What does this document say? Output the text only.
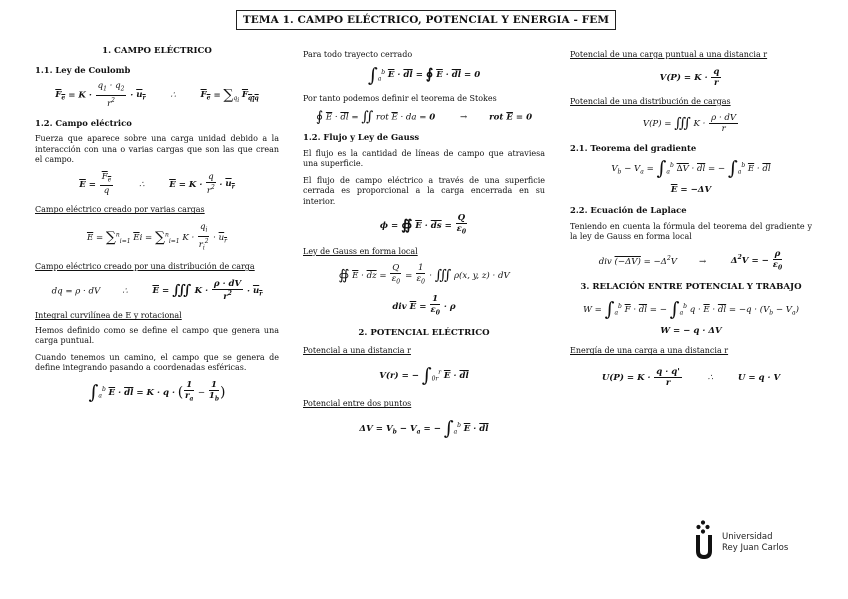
TEMA 1. CAMPO ELÉCTRICO, POTENCIAL Y ENERGIA - FEM
1. CAMPO ELÉCTRICO
1.1. Ley de Coulomb
$F_e = K \cdot \frac{q_1 \cdot q_2}{r^2} \cdot u_r$	∴	$F_e = \sum_{q_i}$ $F_{q_iq}$
1.2. Campo eléctrico
Fuerza que aparece sobre una carga unidad debido a la interacción con una o varias cargas que son las que crean el campo.
$\overline{E} = \frac{F_e}{q}$	∴	$\overline{E} = K \cdot \frac{q}{r^2} \cdot u_r$
Campo eléctrico creado por varias cargas
$\overline{E} = \sum^n_{i=1}$ $\overline{E}i = \sum^n_{i=1}$ $K \cdot \frac{q_i}{r_i^2} \cdot u_r$
Campo eléctrico creado por una distribución de carga
dq = ρ · dV	∴	$\overline{E}$ = ∭ $K \cdot \frac{\rho \cdot dV}{r^2} \cdot u_r$
Integral curvilínea de E y rotacional
Hemos definido como se define el campo que genera una carga puntual.
Cuando tenemos un camino, el campo que se genera de define integrando pasando a coordenadas esféricas.
$\int_a^b$ $\overline{E} \cdot \overline{dl} = K \cdot q$ · ( $\frac{1}{r_a} - \frac{1}{1_b}$ )
Para todo trayecto cerrado
$\int_a^b$ $\overline{E} \cdot \overline{dl}$ = ∮ $\overline{E} \cdot \overline{dl} = 0$
Por tanto podemos definir el teorema de Stokes
∮ $\overline{E} \cdot \overline{dl}$ = ∬ rot $\overline{E}$ · da = 0	→	rot $\overline{E} = 0$
1.2. Flujo y Ley de Gauss
El flujo es la cantidad de líneas de campo que atraviesa una superficie.
El flujo de campo eléctrico a través de una superficie cerrada es proporcional a la carga encerrada en su interior.
ϕ = ∯ $\overline{E} \cdot \overline{ds} = \frac{Q}{\varepsilon_0}$
Ley de Gauss en forma local
∯ $\overline{E} \cdot \overline{dz} = \frac{Q}{\varepsilon_0} = \frac{1}{\varepsilon_0}$ · ∭ ρ(x, y, z) · dV
div $\overline{E} = \frac{1}{\varepsilon_0} \cdot \rho$
2. POTENCIAL ELÉCTRICO
Potencial a una distancia r
V(r) = − $\int_{0r}^r$ $\overline{E} \cdot \overline{dl}$
Potencial entre dos puntos
$\Delta V = V_b - V_a$ = − $\int_a^b$ $\overline{E} \cdot \overline{dl}$
Potencial de una carga puntual a una distancia r
$V(P) = K \cdot \frac{q}{r}$
Potencial de una distribución de cargas
V(P) = ∭ $K \cdot \frac{\rho \cdot dV}{r}$
2.1. Teorema del gradiente
$V_b - V_a = \int_a^b$ $\Delta V \cdot \overline{dl}$ = − $\int_a^b$ $\overline{E} \cdot \overline{dl}$
$\overline{E} = -\Delta V$
2.2. Ecuación de Laplace
Teniendo en cuenta la fórmula del teorema del gradiente y la ley de Gauss en forma local
div $(-\Delta V) = -\Delta^2V$	→	$\Delta^2V$ = − $\frac{\rho}{\varepsilon_0}$
3. RELACIÓN ENTRE POTENCIAL Y TRABAJO
$W = \int_a^b$ $\overline{F} \cdot \overline{dl}$ = − $\int_a^b$ $q \cdot \overline{E} \cdot \overline{dl} = -q \cdot (V_b - V_a)$
W = − q · ΔV
Energía de una carga a una distancia r
$U(P) = K \cdot \frac{q \cdot q'}{r}$	∴	U = q · V
Universidad
Rey Juan Carlos
